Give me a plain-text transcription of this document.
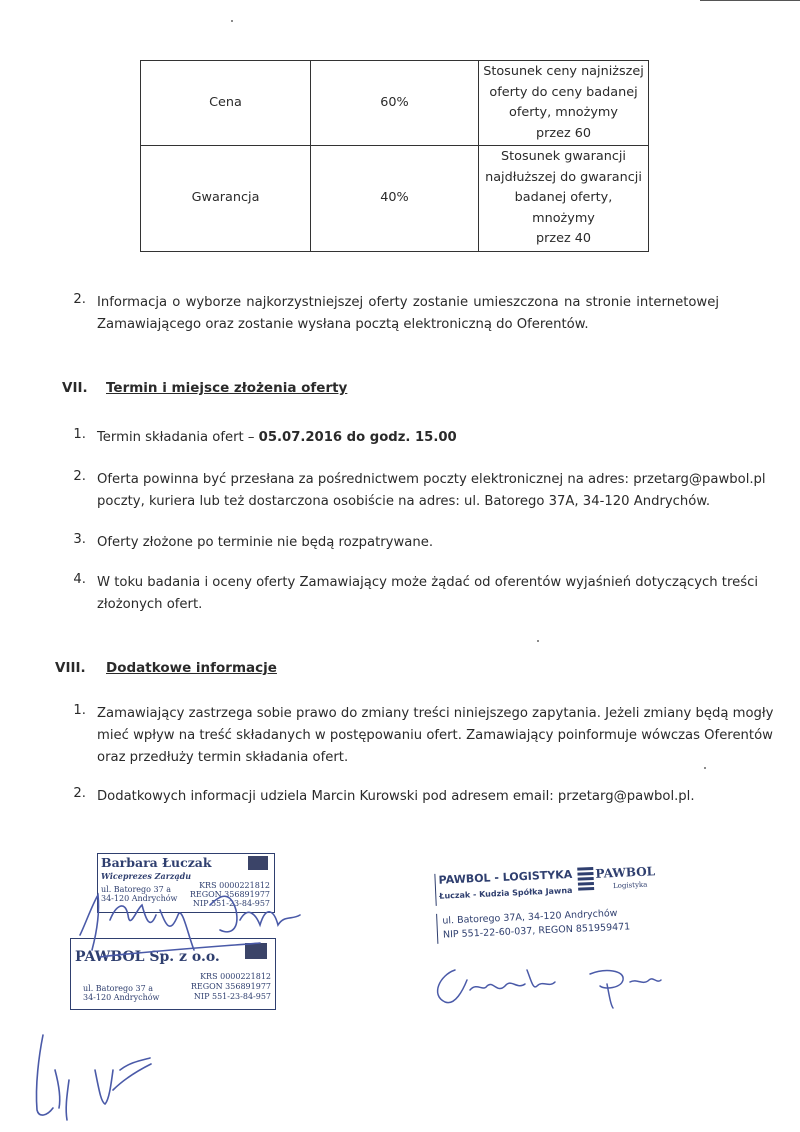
Cena	60%	Stosunek ceny najniższej
oferty do ceny badanej
oferty, mnożymy
przez 60

Gwarancja	40%	Stosunek gwarancji
najdłuższej do gwarancji
badanej oferty,
mnożymy
przez 40
2. Informacja o wyborze najkorzystniejszej oferty zostanie umieszczona na stronie internetowej
Zamawiającego oraz zostanie wysłana pocztą elektroniczną do Oferentów.
VII. Termin i miejsce złożenia oferty
1. Termin składania ofert – 05.07.2016 do godz. 15.00
2. Oferta powinna być przesłana za pośrednictwem poczty elektronicznej na adres: przetarg@pawbol.pl
poczty, kuriera lub też dostarczona osobiście na adres: ul. Batorego 37A, 34-120 Andrychów.
3. Oferty złożone po terminie nie będą rozpatrywane.
4. W toku badania i oceny oferty Zamawiający może żądać od oferentów wyjaśnień dotyczących treści
złożonych ofert.
VIII. Dodatkowe informacje
1. Zamawiający zastrzega sobie prawo do zmiany treści niniejszego zapytania. Jeżeli zmiany będą mogły
mieć wpływ na treść składanych w postępowaniu ofert. Zamawiający poinformuje wówczas Oferentów
oraz przedłuży termin składania ofert.
2. Dodatkowych informacji udziela Marcin Kurowski pod adresem email: przetarg@pawbol.pl.
Barbara Łuczak
Wiceprezes Zarządu
ul. Batorego 37 a
34-120 Andrychów
KRS 0000221812
REGON 356891977
NIP 551-23-84-957
PAWBOL Sp. z o.o.
ul. Batorego 37 a
34-120 Andrychów
KRS 0000221812
REGON 356891977
NIP 551-23-84-957
PAWBOL - LOGISTYKA
Łuczak - Kudzia Spółka Jawna
PAWBOL
Logistyka
ul. Batorego 37A, 34-120 Andrychów
NIP 551-22-60-037, REGON 851959471
